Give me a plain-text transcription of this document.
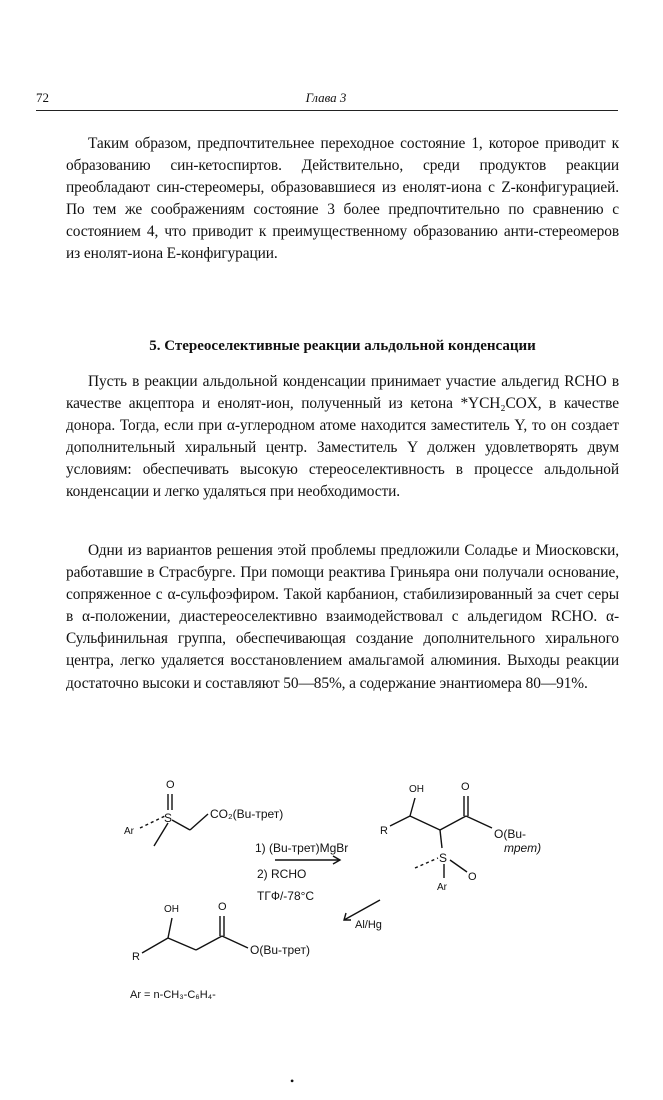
72	Глава 3

Таким образом, предпочтительнее переходное состояние 1, которое приводит к образованию син-кетоспиртов. Действительно, среди продуктов реакции преобладают син-стереомеры, образовавшиеся из енолят-иона с Z-конфигурацией. По тем же соображениям состояние 3 более предпочтительно по сравнению с состоянием 4, что приводит к преимущественному образованию анти-стереомеров из енолят-иона Е-конфигурации.

5. Стереоселективные реакции альдольной конденсации

Пусть в реакции альдольной конденсации принимает участие альдегид RCHO в качестве акцептора и енолят-ион, полученный из кетона *YCH₂COX, в качестве донора. Тогда, если при α-углеродном атоме находится заместитель Y, то он создает дополнительный хиральный центр. Заместитель Y должен удовлетворять двум условиям: обеспечивать высокую стереоселективность в процессе альдольной конденсации и легко удаляться при необходимости.

Одни из вариантов решения этой проблемы предложили Соладье и Миосковски, работавшие в Страсбурге. При помощи реактива Гриньяра они получали основание, сопряженное с α-сульфоэфиром. Такой карбанион, стабилизированный за счет серы в α-положении, диастереоселективно взаимодействовал с альдегидом RCHO. α-Сульфинильная группа, обеспечивающая создание дополнительного хирального центра, легко удаляется восстановлением амальгамой алюминия. Выходы реакции достаточно высоки и составляют 50—85%, а содержание энантиомера 80—91%.

O
Ar
S	CO₂(Bu-трет)
1) (Bu-трет)MgBr
2) RCHO
ТГФ/-78°C
Al/Hg
OH
R
O
O(Bu-
трет)
S
O
Ar
OH	O
R	O(Bu-трет)
Ar = n-CH₃-C₆H₄-
•
